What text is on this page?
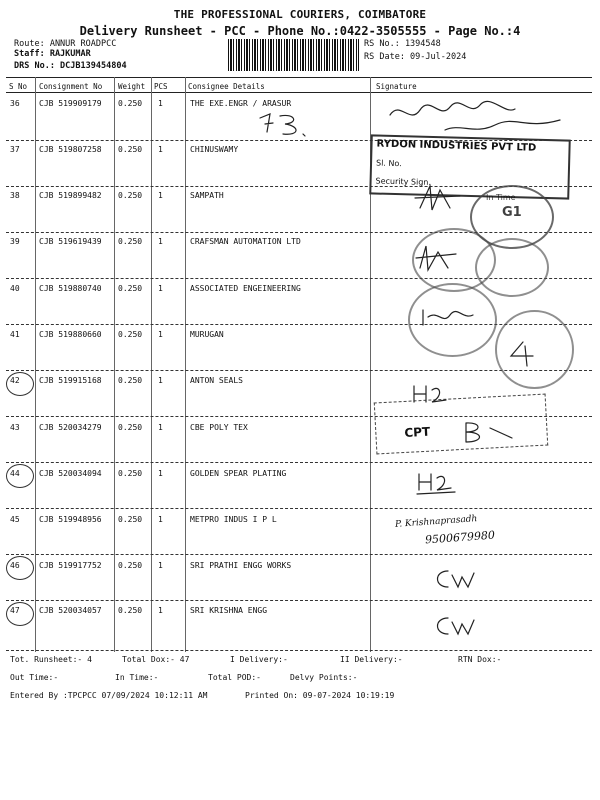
THE PROFESSIONAL COURIERS, COIMBATORE
Delivery Runsheet - PCC - Phone No.:0422-3505555 - Page No.:4
Route: ANNUR ROADPCC
Staff: RAJKUMAR
DRS No.: DCJB139454804
RS No.: 1394548
RS Date: 09-Jul-2024
S No Consignment No Weight PCS	Consignee Details	Signature
36 CJB 519909179 0.250 1	THE EXE.ENGR / ARASUR
37 CJB 519807258 0.250 1	CHINUSWAMY
38 CJB 519899482 0.250 1	SAMPATH
39 CJB 519619439 0.250 1	CRAFSMAN AUTOMATION LTD
40 CJB 519880740 0.250 1	ASSOCIATED ENGEINEERING
41 CJB 519880660 0.250 1	MURUGAN
42 CJB 519915168 0.250 1	ANTON SEALS
43 CJB 520034279 0.250 1	CBE POLY TEX
44 CJB 520034094 0.250 1	GOLDEN SPEAR PLATING
45 CJB 519948956 0.250 1	METPRO INDUS I P L
46 CJB 519917752 0.250 1	SRI PRATHI ENGG WORKS
47 CJB 520034057 0.250 1	SRI KRISHNA ENGG
RYDON INDUSTRIES PVT LTD
Sl. No.
Security Sign.
In Time
G1
CPT
P. Krishnaprasadh
9500679980
Tot. Runsheet:- 4	Total Dox:- 47	I Delivery:-	II Delivery:-	RTN Dox:-
Out Time:-	In Time:-	Total POD:-	Delvy Points:-
Entered By :TPCPCC 07/09/2024 10:12:11 AM	Printed On: 09-07-2024 10:19:19
